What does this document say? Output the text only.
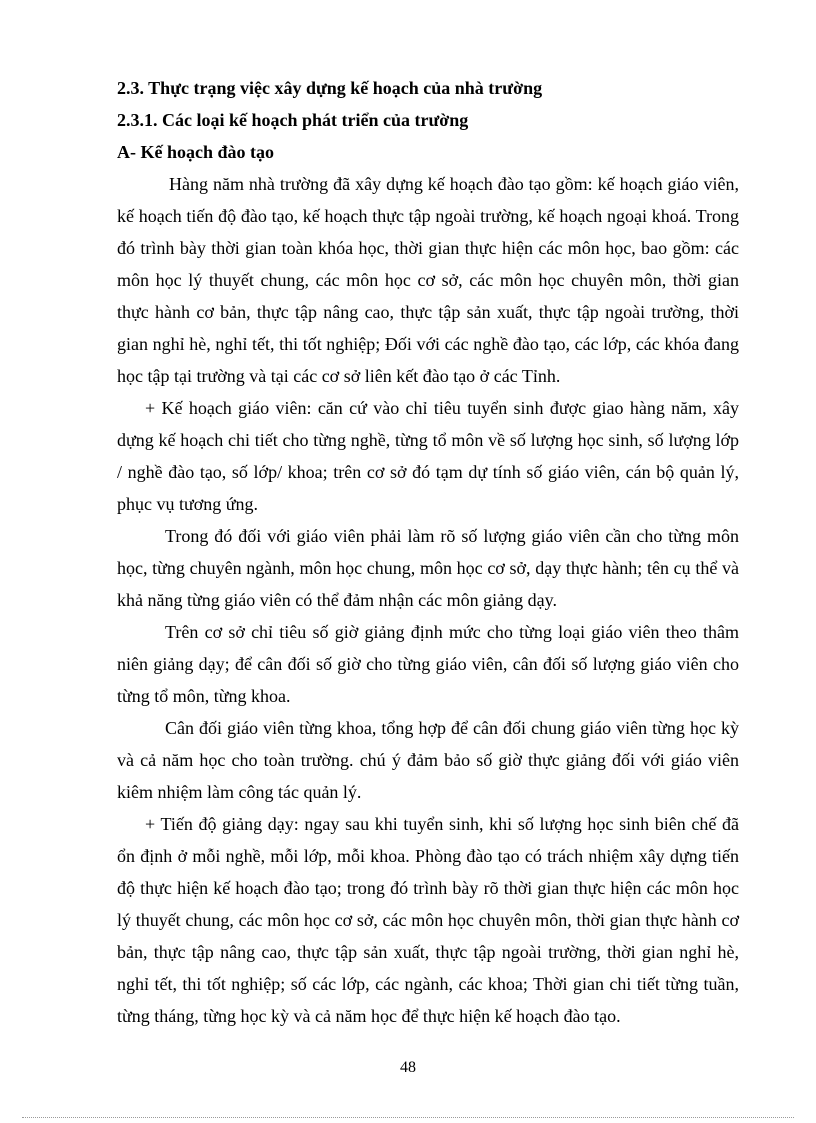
2.3. Thực trạng việc xây dựng kế hoạch của nhà trường

2.3.1. Các loại kế hoạch phát triển của trường

A- Kế hoạch đào tạo

Hàng năm nhà trường đã xây dựng kế hoạch đào tạo gồm: kế hoạch giáo viên, kế hoạch tiến độ đào tạo, kế hoạch thực tập ngoài trường, kế hoạch ngoại khoá. Trong đó trình bày thời gian toàn khóa học, thời gian thực hiện các môn học, bao gồm: các môn học lý thuyết chung, các môn học cơ sở, các môn học chuyên môn, thời gian thực hành cơ bản, thực tập nâng cao, thực tập sản xuất, thực tập ngoài trường, thời gian nghỉ hè, nghỉ tết, thi tốt nghiệp; Đối với các nghề đào tạo, các lớp, các khóa đang học tập tại trường và tại các cơ sở liên kết đào tạo ở các Tỉnh.

+ Kế hoạch giáo viên: căn cứ vào chỉ tiêu tuyển sinh được giao hàng năm, xây dựng kế hoạch chi tiết cho từng nghề, từng tổ môn về số lượng học sinh, số lượng lớp / nghề đào tạo, số lớp/ khoa; trên cơ sở đó tạm dự tính số giáo viên, cán bộ quản lý, phục vụ tương ứng.

Trong đó đối với giáo viên phải làm rõ số lượng giáo viên cần cho từng môn học, từng chuyên ngành, môn học chung, môn học cơ sở, dạy thực hành; tên cụ thể và khả năng từng giáo viên có thể đảm nhận các môn giảng dạy.

Trên cơ sở chỉ tiêu số giờ giảng định mức cho từng loại giáo viên theo thâm niên giảng dạy; để cân đối số giờ cho từng giáo viên, cân đối số lượng giáo viên cho từng tổ môn, từng khoa.

Cân đối giáo viên từng khoa, tổng hợp để cân đối chung giáo viên từng học kỳ và cả năm học cho toàn trường. chú ý đảm bảo số giờ thực giảng đối với giáo viên kiêm nhiệm làm công tác quản lý.

+ Tiến độ giảng dạy: ngay sau khi tuyển sinh, khi số lượng học sinh biên chế đã ổn định ở mỗi nghề, mỗi lớp, mỗi khoa. Phòng đào tạo có trách nhiệm xây dựng tiến độ thực hiện kế hoạch đào tạo; trong đó trình bày rõ thời gian thực hiện các môn học lý thuyết chung, các môn học cơ sở, các môn học chuyên môn, thời gian thực hành cơ bản, thực tập nâng cao, thực tập sản xuất, thực tập ngoài trường, thời gian nghỉ hè, nghỉ tết, thi tốt nghiệp; số các lớp, các ngành, các khoa; Thời gian chi tiết từng tuần, từng tháng, từng học kỳ và cả năm học để thực hiện kế hoạch đào tạo.

48
